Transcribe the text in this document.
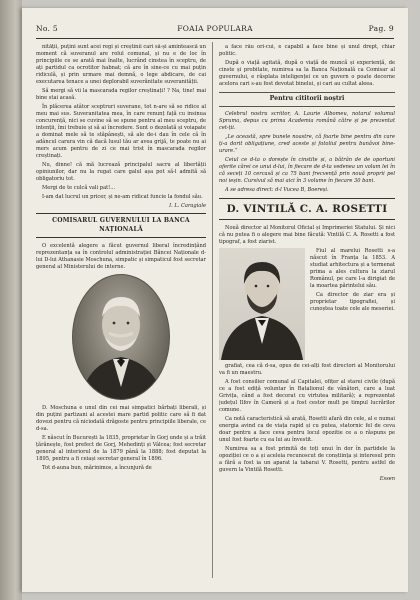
No. 5	FOAIA POPULARA	Pag. 9

nității, puțini sunt acei regi și creștinii cari să-și amintească un moment că suveranul are rolul comunal, și nu e de loc în principiile ce se arată mai înalte, lucrând cinstea în sceptru, de ați partidul ca ocrotitor habnat; că are în sine-ce cu mai puțin ridiculă, și prin urmare mai demnă, o lege abdicare, de cai executarea tenace a unei deplorabil suverănitate suveranității.

Să mergi să vii la mascarada regilor creștinați! ? Na, tine! mai bine stai acasă.

În plăcerea atâtor sceptruri suverane, tot n-are să se ridice al meu mai sus. Suveranitatea mea, în care renunț față cu insinua concurență, nici se cuvine să se spune pentru al meu sceptru, de intenții, îmi trebuie și să ai încredere. Sunt o dezolată și voiapate a dominat mele să te stăpânești, să ale de-i dau în cele că în adâncul carura vin că dacă lusul tău ar avea grijă, te poate nu ai mers acum pentru de zi ce mai trist în mascarada regilor creștinați.

Nu, dinne! că mă lucrează principalul sacru al libertății opiniunilor, dar nu la rugat care galul așa pot să-l admită să obligatoriu tot.

Mergi de te culcă vali pat!...

I-am dat lucrul un pricer, și ne-am ridicat funcie la fondul său.

I. L. Caragiale
COMISARUL GUVERNULUI LA BANCA NAȚIONALĂ

O excelentă alegere a făcut guvernul liberal încredințând reprezentanța sa în controlul administrației Băncei Naționale d-lui D-lui Athanasie Moschuna, simpatic și simpaticul fost secretar general al Ministerului de interne.

D. Moschuna e unul din cei mai simpatici bărbați liberali, și din puțini partizani al acestei mare partid politic care să fi dat dovezi pentru că niciodată drăgoste pentru principiile liberale, ce d-sa.

E născut în București la 1835, proprietar în Gorj unde și a trăit țărănește, fost prefect de Gorj, Mehedinți și Vâlcea; fost secretar general al interiorul de la 1879 până la 1888; fost deputat la 1895, pentru a fi ceiași secretar general în 1896.

Tot d-auna bun, mărinimos, a încunjură de

a face rău ori-cui, e capabil a face bine și unul drept, chiar politic.

După o viață agitată, după o viață de muncă și experiență, de cinste și probitate, numirea sa la Banca Națională ca Comisar al guvernului, e răsplata inteligenței ce un guvern o poate decerne acelora cari s-au fost devotat binelui, și cari au cultat aleea.

Pentru cititorii noștri

Celebrul nostru scriitor, A. Laurie Albomeu, notarul volumul Spruma, depus cu prima Academia română către și pe prezentat cet-ții.

„Le această, spre bunele noastre, că foarte bine pentru din care ți-a dorit obligațiune, cred aceste și fotoliul pentru bunăvoi bine-urare.”

Ceiul ce d-ta o dorește în cinstite și, a bătrân de de oportuni oferite cărei ce unui d-lui, în fiecare de d-ta vedenea un volum lei în că seceți 10 cercasă și ca 75 bani frecvență prin nouă proprii pel noi ieșin. Cursivul să mai aici în 3 volume în fiecare 30 bani.

A se adresa direct: d-l Vucea B, Boereși.

D. VINTILĂ C. A. ROSETTI

Nouă director al Monitorul Oficial și Imprimeriei Statului. Și nici că nu putea fi o alegere mai bine făcută: Vintilă C. A. Rosetti a fost tipograf, a fost ziarist.

Fiul al marelui Rosetti s-a născut în Franța la 1853. A studiat arhitectura și a termenat prima a ales cultura la ziarul Românul, pe care l-a dirigiat de la moartea părintelui său.

Ca director de ziar era și proprietar tipografiei, și cunoștea toate cele ale meseriei.

grafiat, cea că d-sa, opus de cei-alți fost directori al Monitorului va fi un maestru.

A fost consilier comunal al Capitalei, ofițer al starei civile (după ce a fost ediță voluntar în Batalionul de vânători, care a luat Grivița, când a fost decorat cu virtutea militară); a reprezentat județul Ilfov în Cameră și a fost cestor mult pe timpul lucrărilor comune.

Ca notă caracteristică să arată, Rosetti afară din cele, al e numai energia avind ca de viața rapid și cu putea, statornic fel de ceva doar pentru a face ceva pentru locul opozitie ce a o răspuns pe unul fost foarte cu ea lui au învestit.

Numirea sa a fost primită de toți unui în dor în partidele la opoziției ce o a și aceleia recunoscut de conștiința și interesul prin a fără a fost ia un aparat la tabarai V. Rosetti, pentru astfel de guvern la Vintilă Rosetti.

Essen
